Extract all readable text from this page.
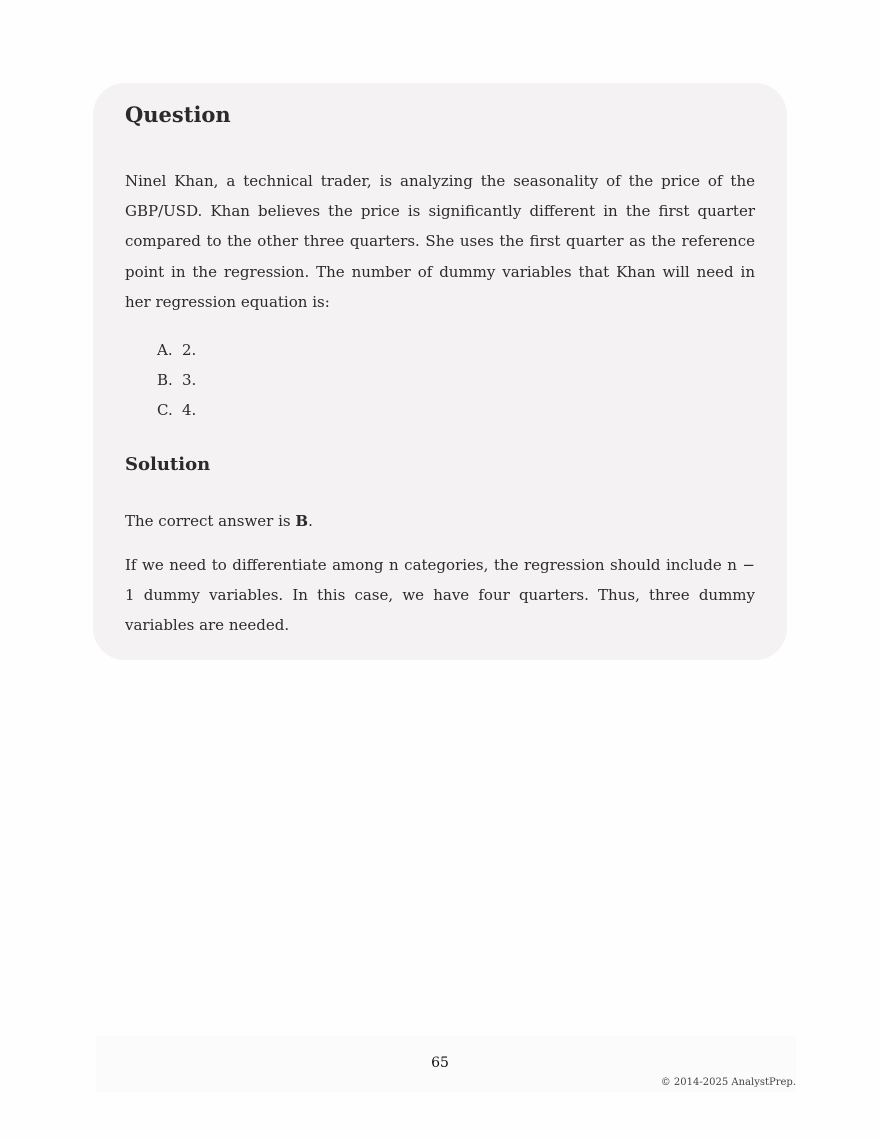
Question

Ninel Khan, a technical trader, is analyzing the seasonality of the price of the GBP/USD. Khan believes the price is significantly different in the first quarter compared to the other three quarters. She uses the first quarter as the reference point in the regression. The number of dummy variables that Khan will need in her regression equation is:

A. 2.
B. 3.
C. 4.
Solution

The correct answer is B.

If we need to differentiate among n categories, the regression should include n − 1 dummy variables. In this case, we have four quarters. Thus, three dummy variables are needed.

65
© 2014-2025 AnalystPrep.
